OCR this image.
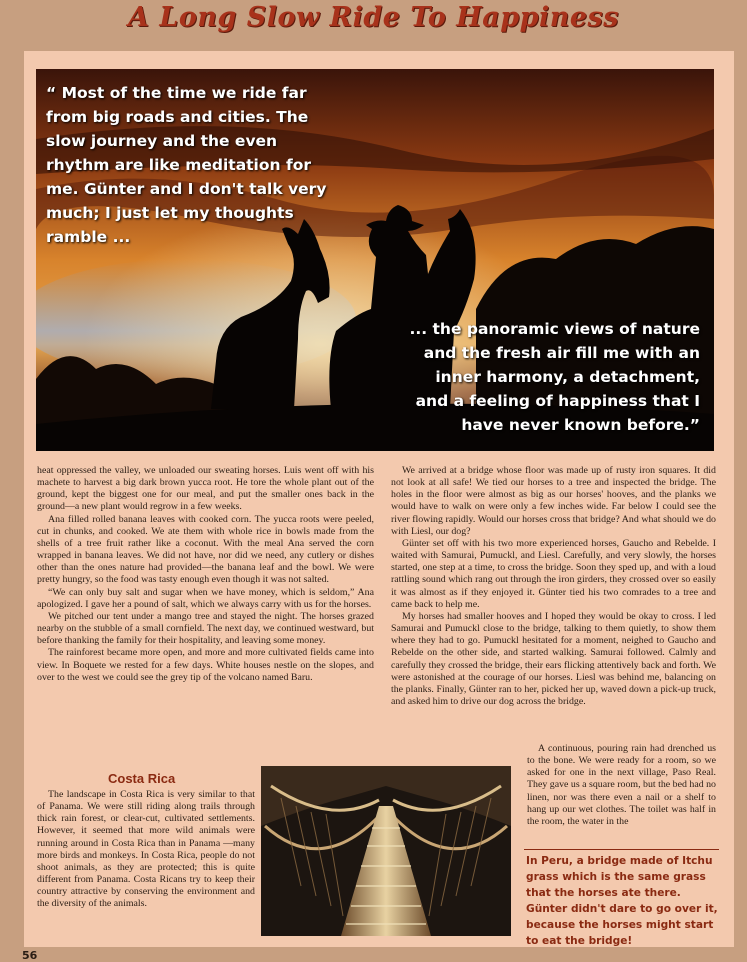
A Long Slow Ride To Happiness

“ Most of the time we ride far from big roads and cities. The slow journey and the even rhythm are like meditation for me. Günter and I don't talk very much; I just let my thoughts ramble ...

... the panoramic views of nature and the fresh air fill me with an inner harmony, a detachment, and a feeling of happiness that I have never known before.”

heat oppressed the valley, we unloaded our sweating horses. Luis went off with his machete to harvest a big dark brown yucca root. He tore the whole plant out of the ground, kept the biggest one for our meal, and put the smaller ones back in the ground—a new plant would regrow in a few weeks.

Ana filled rolled banana leaves with cooked corn. The yucca roots were peeled, cut in chunks, and cooked. We ate them with whole rice in bowls made from the shells of a tree fruit rather like a coconut. With the meal Ana served the corn wrapped in banana leaves. We did not have, nor did we need, any cutlery or dishes other than the ones nature had provided—the banana leaf and the bowl. We were pretty hungry, so the food was tasty enough even though it was not salted.

“We can only buy salt and sugar when we have money, which is seldom,” Ana apologized. I gave her a pound of salt, which we always carry with us for the horses.

We pitched our tent under a mango tree and stayed the night. The horses grazed nearby on the stubble of a small cornfield. The next day, we continued westward, but before thanking the family for their hospitality, and leaving some money.

The rainforest became more open, and more and more cultivated fields came into view. In Boquete we rested for a few days. White houses nestle on the slopes, and over to the west we could see the grey tip of the volcano named Baru.

We arrived at a bridge whose floor was made up of rusty iron squares. It did not look at all safe! We tied our horses to a tree and inspected the bridge. The holes in the floor were almost as big as our horses' hooves, and the planks we would have to walk on were only a few inches wide. Far below I could see the river flowing rapidly. Would our horses cross that bridge? And what should we do with Liesl, our dog?

Günter set off with his two more experienced horses, Gaucho and Rebelde. I waited with Samurai, Pumuckl, and Liesl. Carefully, and very slowly, the horses started, one step at a time, to cross the bridge. Soon they sped up, and with a loud rattling sound which rang out through the iron girders, they crossed over so easily it was almost as if they enjoyed it. Günter tied his two comrades to a tree and came back to help me.

My horses had smaller hooves and I hoped they would be okay to cross. I led Samurai and Pumuckl close to the bridge, talking to them quietly, to show them where they had to go. Pumuckl hesitated for a moment, neighed to Gaucho and Rebelde on the other side, and started walking. Samurai followed. Calmly and carefully they crossed the bridge, their ears flicking attentively back and forth. We were astonished at the courage of our horses. Liesl was behind me, balancing on the planks. Finally, Günter ran to her, picked her up, waved down a pick-up truck, and asked him to drive our dog across the bridge.

Costa Rica

The landscape in Costa Rica is very similar to that of Panama. We were still riding along trails through thick rain forest, or clear-cut, cultivated settlements. However, it seemed that more wild animals were running around in Costa Rica than in Panama —many more birds and monkeys. In Costa Rica, people do not shoot animals, as they are protected; this is quite different from Panama. Costa Ricans try to keep their country attractive by conserving the environment and the diversity of the animals.

A continuous, pouring rain had drenched us to the bone. We were ready for a room, so we asked for one in the next village, Paso Real. They gave us a square room, but the bed had no linen, nor was there even a nail or a shelf to hang up our wet clothes. The toilet was half in the room, the water in the

In Peru, a bridge made of Itchu grass which is the same grass that the horses ate there. Günter didn't dare to go over it, because the horses might start to eat the bridge!

56
